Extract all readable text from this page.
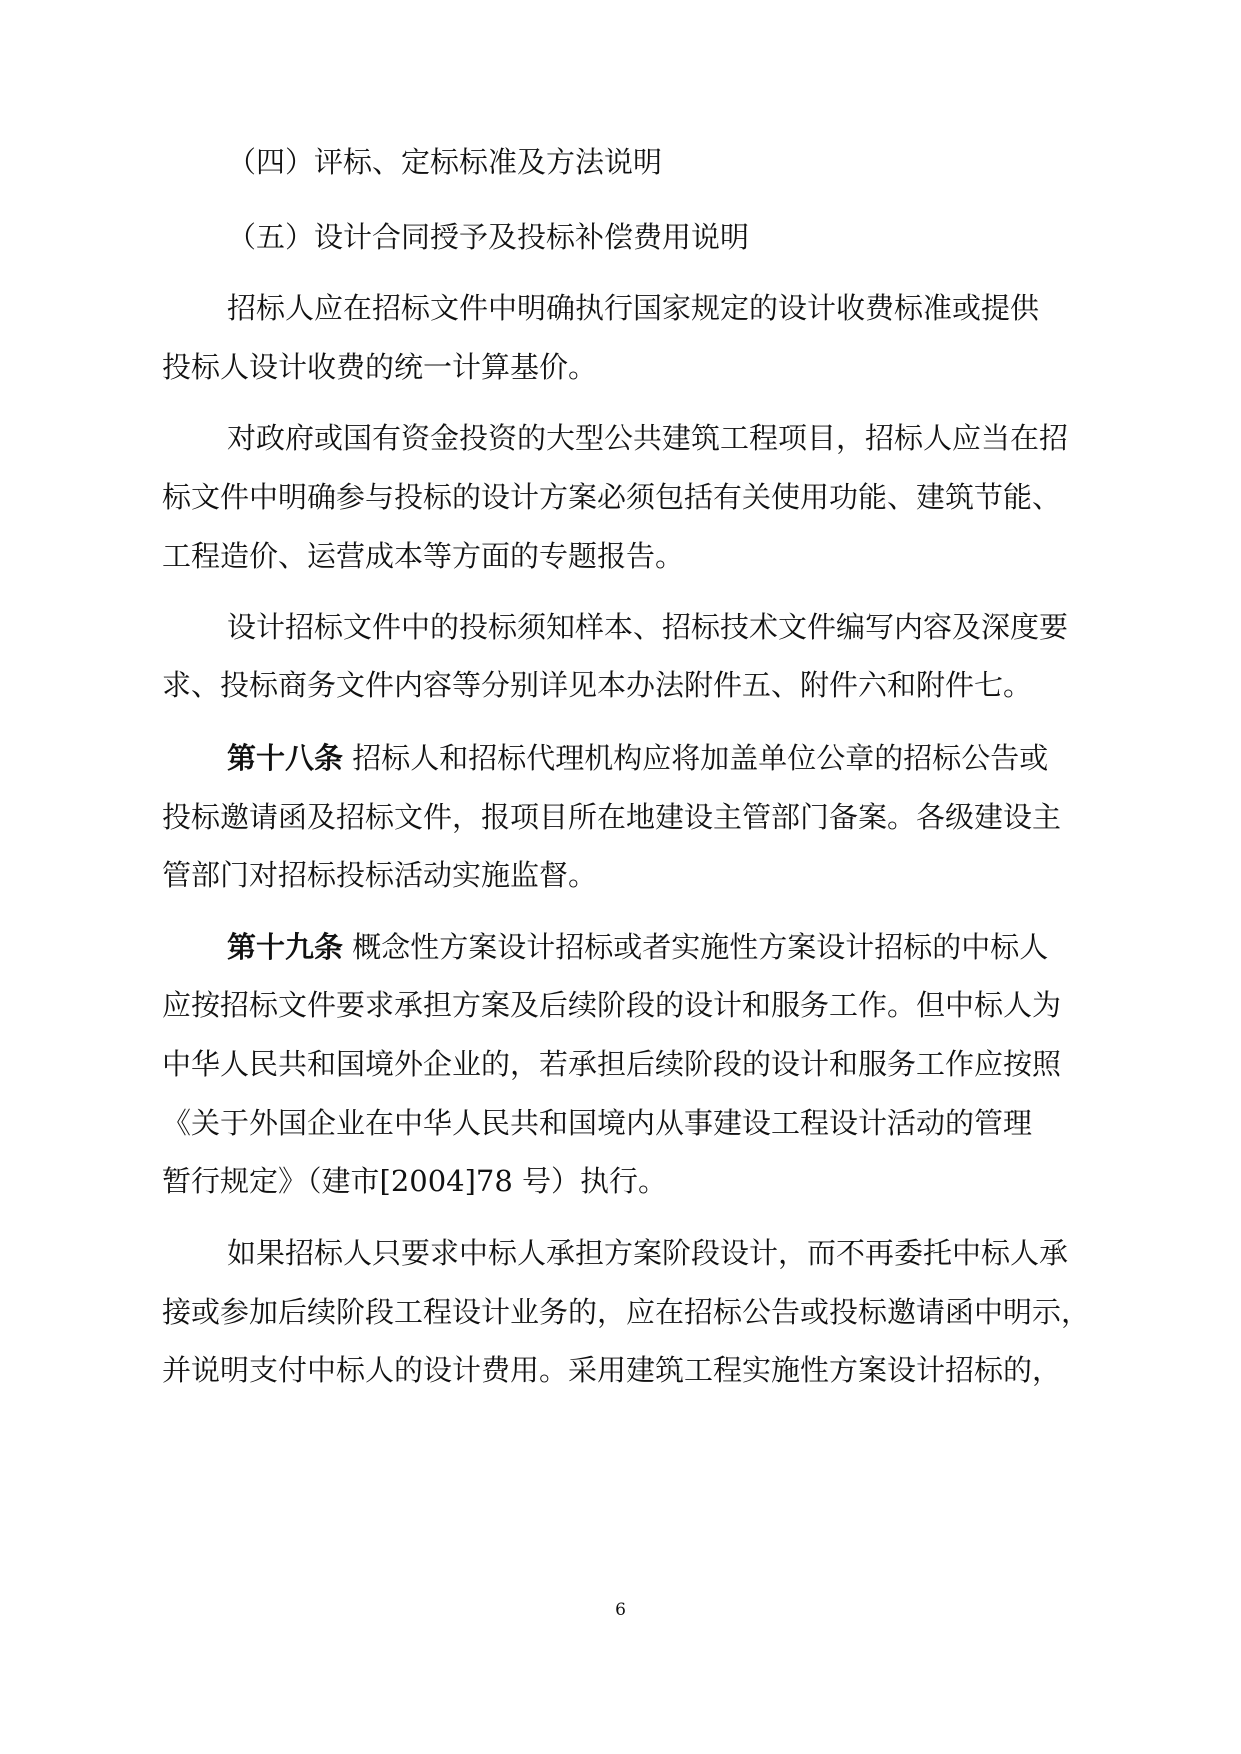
（四）评标、定标标准及方法说明
（五）设计合同授予及投标补偿费用说明
招标人应在招标文件中明确执行国家规定的设计收费标准或提供
投标人设计收费的统一计算基价。
对政府或国有资金投资的大型公共建筑工程项目，招标人应当在招
标文件中明确参与投标的设计方案必须包括有关使用功能、建筑节能、
工程造价、运营成本等方面的专题报告。
设计招标文件中的投标须知样本、招标技术文件编写内容及深度要
求、投标商务文件内容等分别详见本办法附件五、附件六和附件七。
第十八条 招标人和招标代理机构应将加盖单位公章的招标公告或
投标邀请函及招标文件，报项目所在地建设主管部门备案。各级建设主
管部门对招标投标活动实施监督。
第十九条 概念性方案设计招标或者实施性方案设计招标的中标人
应按招标文件要求承担方案及后续阶段的设计和服务工作。但中标人为
中华人民共和国境外企业的，若承担后续阶段的设计和服务工作应按照
《关于外国企业在中华人民共和国境内从事建设工程设计活动的管理
暂行规定》（建市[2004]78 号）执行。
如果招标人只要求中标人承担方案阶段设计，而不再委托中标人承
接或参加后续阶段工程设计业务的，应在招标公告或投标邀请函中明示，
并说明支付中标人的设计费用。采用建筑工程实施性方案设计招标的，
6
